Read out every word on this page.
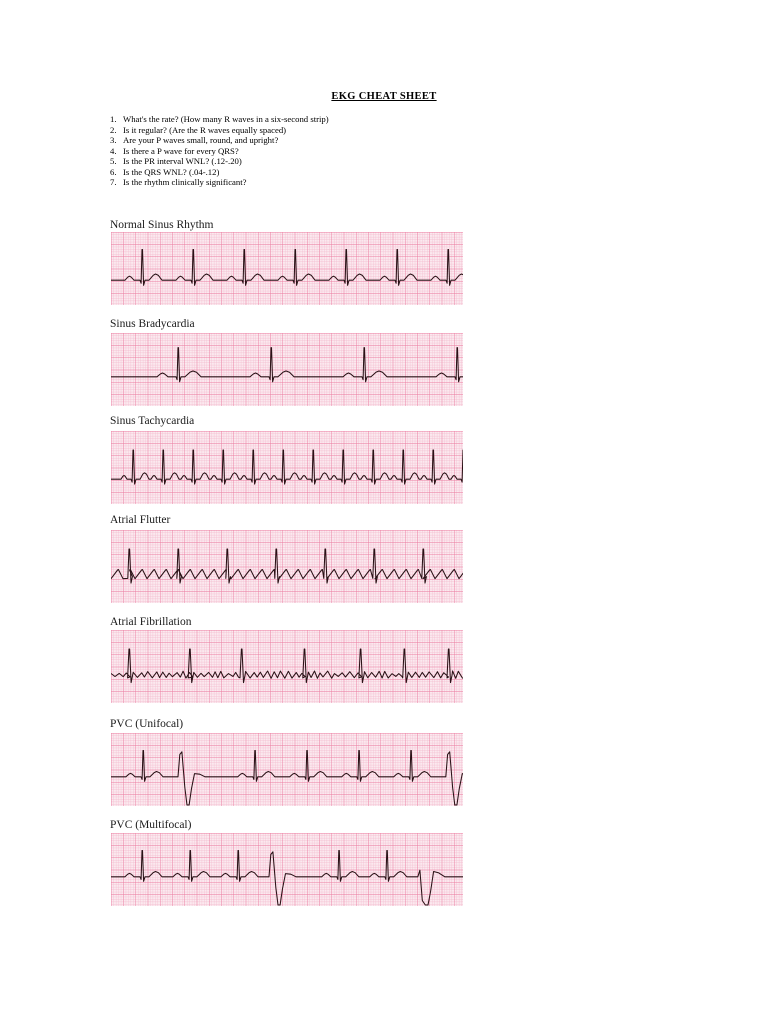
EKG CHEAT SHEET
1. What's the rate? (How many R waves in a six-second strip)
2. Is it regular? (Are the R waves equally spaced)
3. Are your P waves small, round, and upright?
4. Is there a P wave for every QRS?
5. Is the PR interval WNL? (.12-.20)
6. Is the QRS WNL? (.04-.12)
7. Is the rhythm clinically significant?
Normal Sinus Rhythm
Sinus Bradycardia
Sinus Tachycardia
Atrial Flutter
Atrial Fibrillation
PVC (Unifocal)
PVC (Multifocal)
